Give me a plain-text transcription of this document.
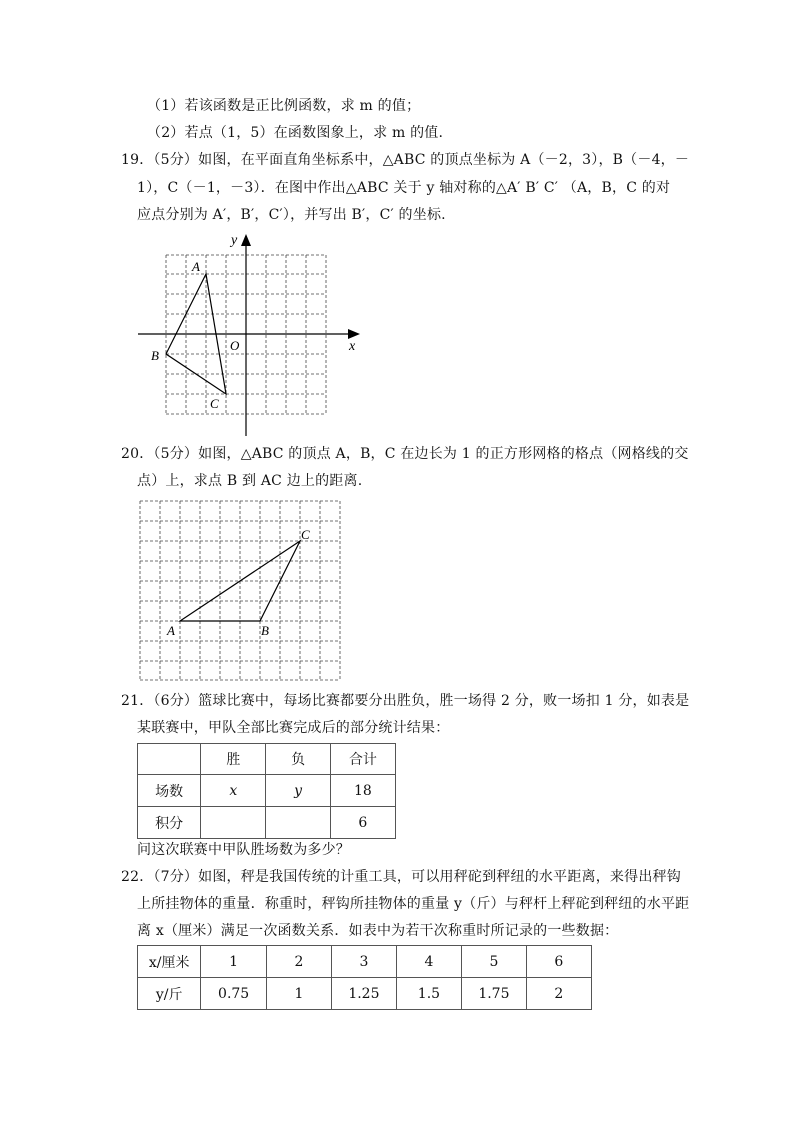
（1）若该函数是正比例函数，求 m 的值；
（2）若点（1，5）在函数图象上，求 m 的值.
19．（5分）如图，在平面直角坐标系中，△ABC 的顶点坐标为 A（－2，3），B（－4，－
1），C（－1，－3）．在图中作出△ABC 关于 y 轴对称的△A′ B′ C′ （A，B，C 的对
应点分别为 A′，B′，C′），并写出 B′，C′ 的坐标.
y
x
O
A
B
C
20．（5分）如图，△ABC 的顶点 A，B，C 在边长为 1 的正方形网格的格点（网格线的交
点）上，求点 B 到 AC 边上的距离.
A	B
C
21．（6分）篮球比赛中，每场比赛都要分出胜负，胜一场得 2 分，败一场扣 1 分，如表是
某联赛中，甲队全部比赛完成后的部分统计结果：
	胜	负	合计
场数	x	y	18
积分			6
问这次联赛中甲队胜场数为多少？
22．（7分）如图，秤是我国传统的计重工具，可以用秤砣到秤纽的水平距离，来得出秤钩
上所挂物体的重量．称重时，秤钩所挂物体的重量 y（斤）与秤杆上秤砣到秤纽的水平距
离 x（厘米）满足一次函数关系．如表中为若干次称重时所记录的一些数据：
x/厘米	1	2	3	4	5	6
y/斤	0.75	1	1.25	1.5	1.75	2
